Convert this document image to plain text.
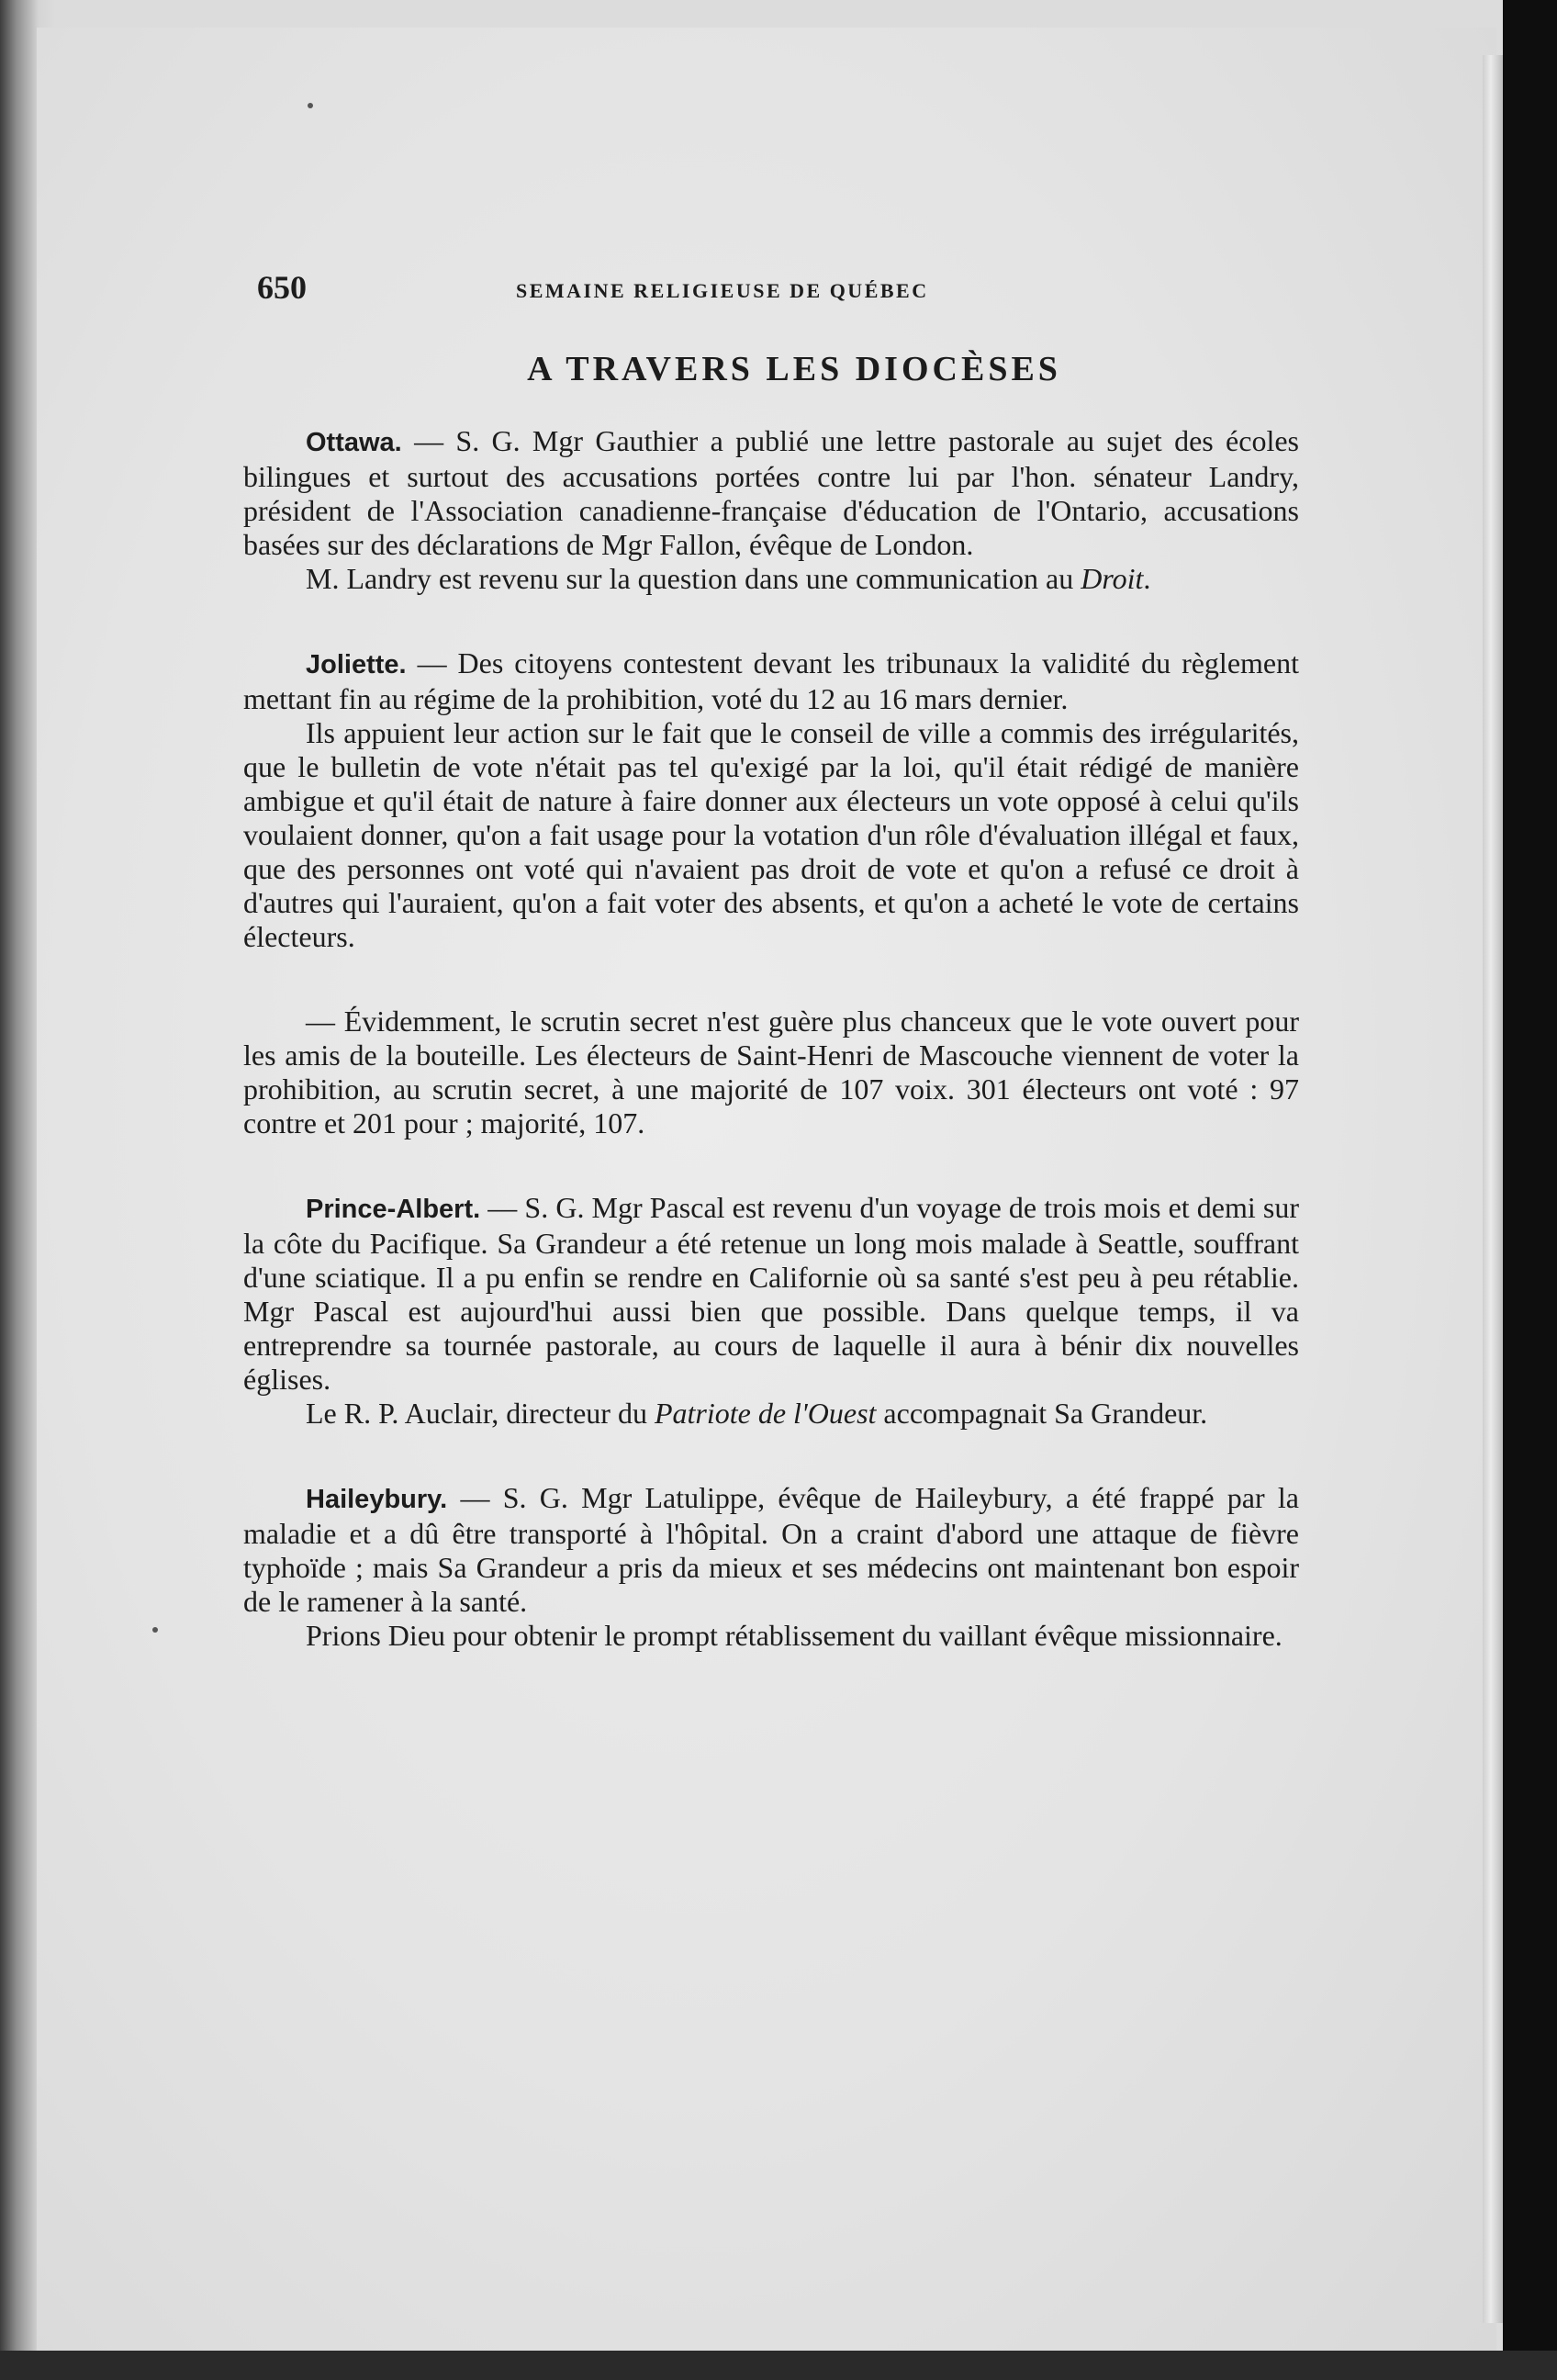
650	SEMAINE RELIGIEUSE DE QUÉBEC
A TRAVERS LES DIOCÈSES

Ottawa. — S. G. Mgr Gauthier a publié une lettre pastorale au sujet des écoles bilingues et surtout des accusations portées contre lui par l'hon. sénateur Landry, président de l'Association canadienne-française d'éducation de l'Ontario, accusations basées sur des déclarations de Mgr Fallon, évêque de London.

M. Landry est revenu sur la question dans une communication au Droit.

Joliette. — Des citoyens contestent devant les tribunaux la validité du règlement mettant fin au régime de la prohibition, voté du 12 au 16 mars dernier.

Ils appuient leur action sur le fait que le conseil de ville a commis des irrégularités, que le bulletin de vote n'était pas tel qu'exigé par la loi, qu'il était rédigé de manière ambigue et qu'il était de nature à faire donner aux électeurs un vote opposé à celui qu'ils voulaient donner, qu'on a fait usage pour la votation d'un rôle d'évaluation illégal et faux, que des personnes ont voté qui n'avaient pas droit de vote et qu'on a refusé ce droit à d'autres qui l'auraient, qu'on a fait voter des absents, et qu'on a acheté le vote de certains électeurs.

— Évidemment, le scrutin secret n'est guère plus chanceux que le vote ouvert pour les amis de la bouteille. Les électeurs de Saint-Henri de Mascouche viennent de voter la prohibition, au scrutin secret, à une majorité de 107 voix. 301 électeurs ont voté : 97 contre et 201 pour ; majorité, 107.

Prince-Albert. — S. G. Mgr Pascal est revenu d'un voyage de trois mois et demi sur la côte du Pacifique. Sa Grandeur a été retenue un long mois malade à Seattle, souffrant d'une sciatique. Il a pu enfin se rendre en Californie où sa santé s'est peu à peu rétablie. Mgr Pascal est aujourd'hui aussi bien que possible. Dans quelque temps, il va entreprendre sa tournée pastorale, au cours de laquelle il aura à bénir dix nouvelles églises.

Le R. P. Auclair, directeur du Patriote de l'Ouest accompagnait Sa Grandeur.

Haileybury. — S. G. Mgr Latulippe, évêque de Haileybury, a été frappé par la maladie et a dû être transporté à l'hôpital. On a craint d'abord une attaque de fièvre typhoïde ; mais Sa Grandeur a pris da mieux et ses médecins ont maintenant bon espoir de le ramener à la santé.

Prions Dieu pour obtenir le prompt rétablissement du vaillant évêque missionnaire.
